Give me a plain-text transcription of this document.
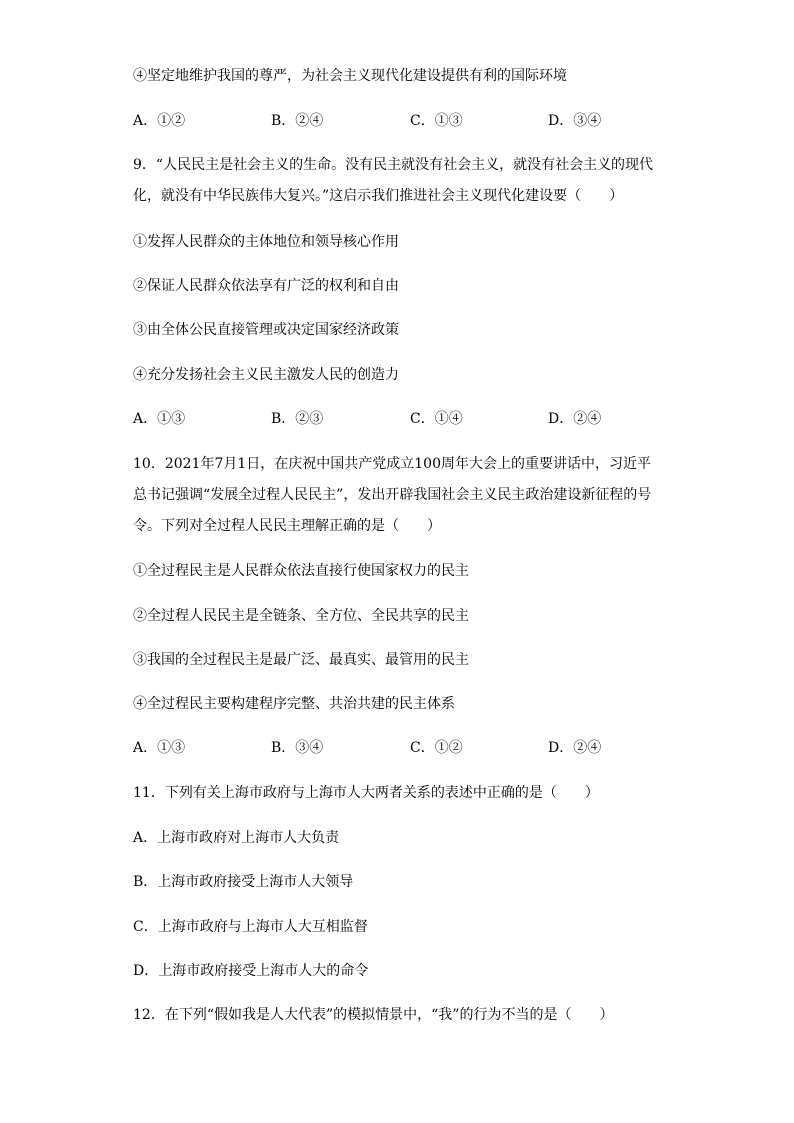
④坚定地维护我国的尊严，为社会主义现代化建设提供有利的国际环境
A．①②	B．②④	C．①③	D．③④
9．“人民民主是社会主义的生命。没有民主就没有社会主义，就没有社会主义的现代
化，就没有中华民族伟大复兴。”这启示我们推进社会主义现代化建设要（　　）
①发挥人民群众的主体地位和领导核心作用
②保证人民群众依法享有广泛的权利和自由
③由全体公民直接管理或决定国家经济政策
④充分发扬社会主义民主激发人民的创造力
A．①③	B．②③	C．①④	D．②④
10．2021年7月1日，在庆祝中国共产党成立100周年大会上的重要讲话中，习近平
总书记强调“发展全过程人民民主”，发出开辟我国社会主义民主政治建设新征程的号
令。下列对全过程人民民主理解正确的是（　　）
①全过程民主是人民群众依法直接行使国家权力的民主
②全过程人民民主是全链条、全方位、全民共享的民主
③我国的全过程民主是最广泛、最真实、最管用的民主
④全过程民主要构建程序完整、共治共建的民主体系
A．①③	B．③④	C．①②	D．②④
11．下列有关上海市政府与上海市人大两者关系的表述中正确的是（　　）
A．上海市政府对上海市人大负责
B．上海市政府接受上海市人大领导
C．上海市政府与上海市人大互相监督
D．上海市政府接受上海市人大的命令
12．在下列“假如我是人大代表”的模拟情景中，“我”的行为不当的是（　　）
